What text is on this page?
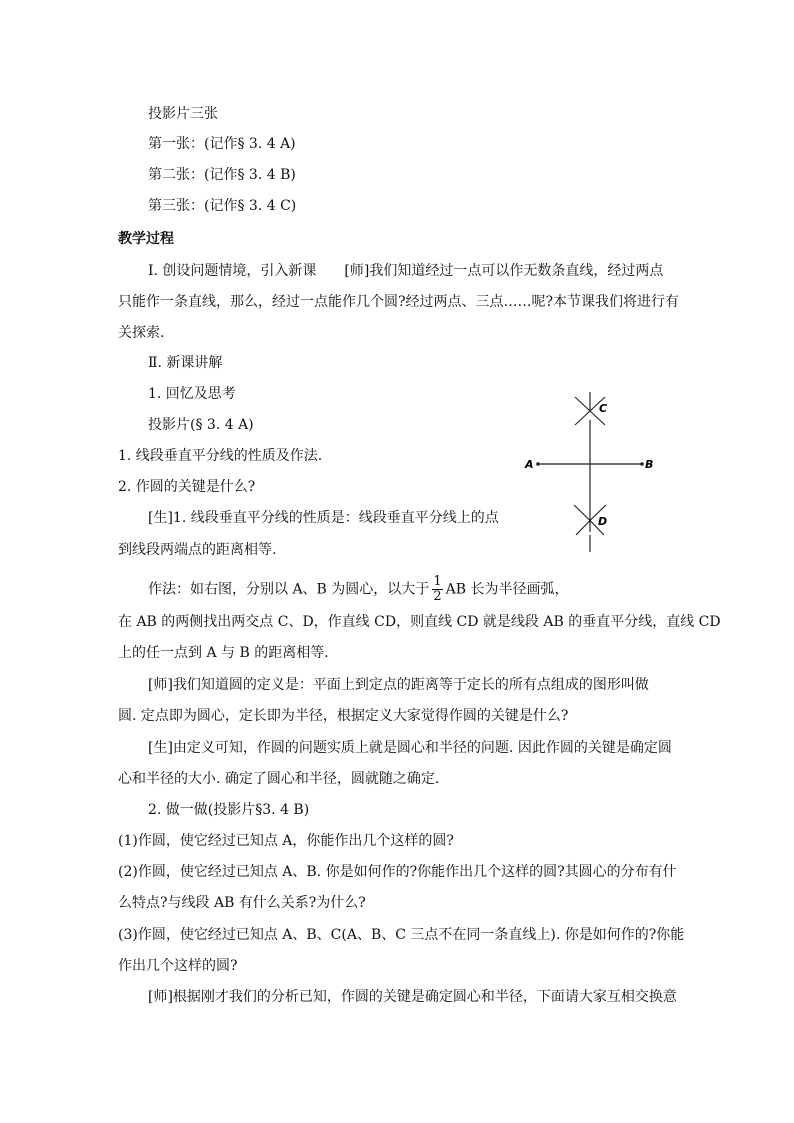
投影片三张
第一张：(记作§ 3. 4 A)
第二张：(记作§ 3. 4 B)
第三张：(记作§ 3. 4 C)
教学过程
Ⅰ. 创设问题情境，引入新课　　[师]我们知道经过一点可以作无数条直线，经过两点
只能作一条直线，那么，经过一点能作几个圆?经过两点、三点……呢?本节课我们将进行有
关探索.
Ⅱ. 新课讲解
1. 回忆及思考
投影片(§ 3. 4 A)
1. 线段垂直平分线的性质及作法.
2. 作圆的关键是什么?
[生]1. 线段垂直平分线的性质是：线段垂直平分线上的点
到线段两端点的距离相等.
作法：如右图，分别以 A、B 为圆心，以大于 $\frac{1}{2}$ AB 长为半径画弧，
在 AB 的两侧找出两交点 C、D，作直线 CD，则直线 CD 就是线段 AB 的垂直平分线，直线 CD
上的任一点到 A 与 B 的距离相等.
[师]我们知道圆的定义是：平面上到定点的距离等于定长的所有点组成的图形叫做
圆. 定点即为圆心，定长即为半径，根据定义大家觉得作圆的关键是什么?
[生]由定义可知，作圆的问题实质上就是圆心和半径的问题. 因此作圆的关键是确定圆
心和半径的大小. 确定了圆心和半径，圆就随之确定.
2. 做一做(投影片§3. 4 B)
(1)作圆，使它经过已知点 A，你能作出几个这样的圆?
(2)作圆，使它经过已知点 A、B. 你是如何作的?你能作出几个这样的圆?其圆心的分布有什
么特点?与线段 AB 有什么关系?为什么?
(3)作圆，使它经过已知点 A、B、C(A、B、C 三点不在同一条直线上). 你是如何作的?你能
作出几个这样的圆?
[师]根据刚才我们的分析已知，作圆的关键是确定圆心和半径，下面请大家互相交换意
A	B
C
D
